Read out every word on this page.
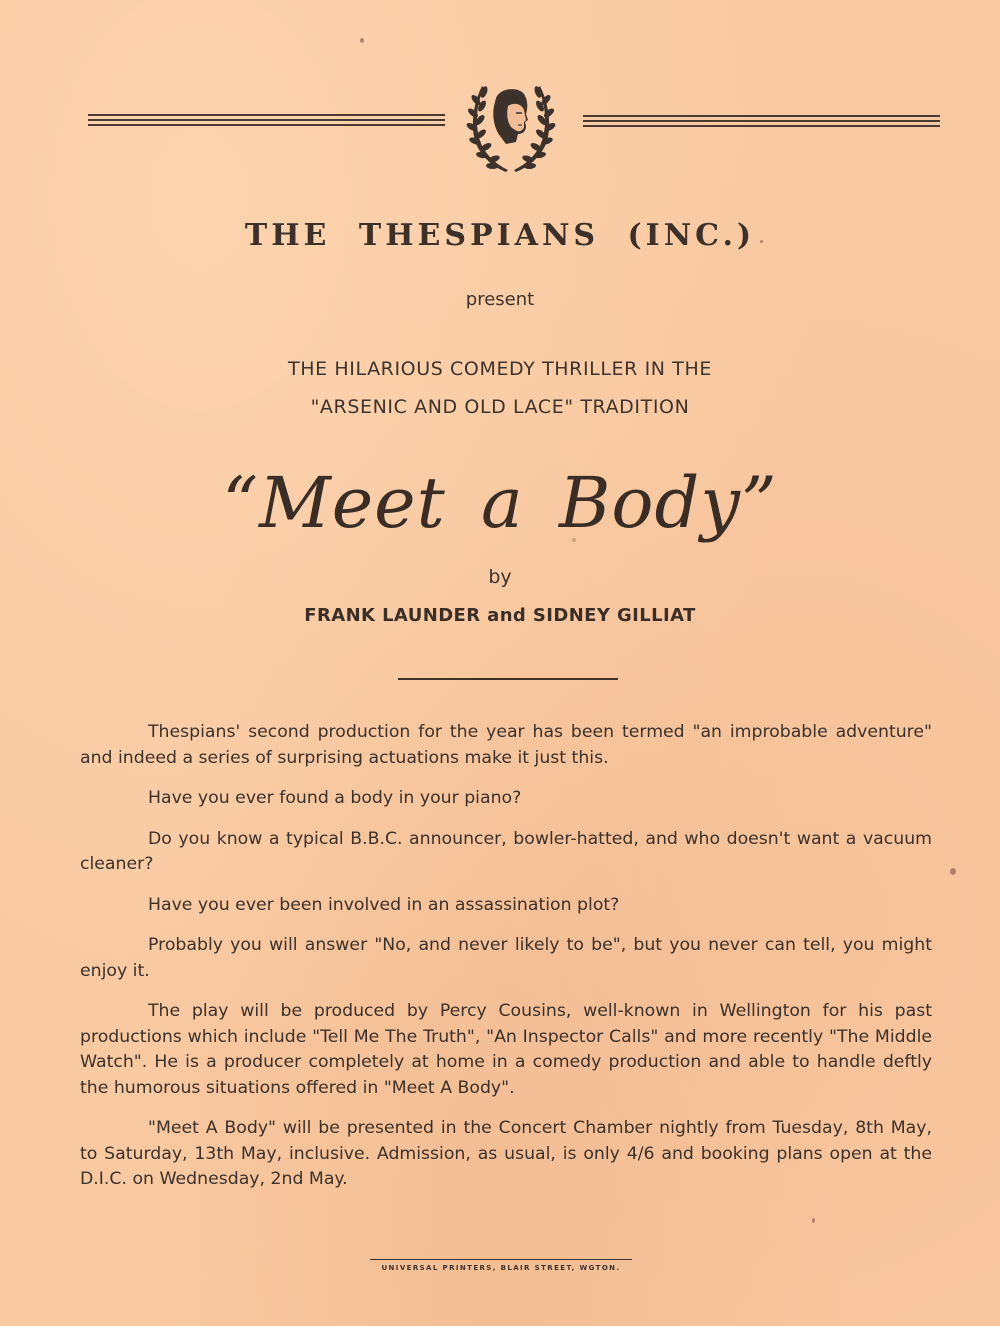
THE THESPIANS (INC.)
present
THE HILARIOUS COMEDY THRILLER IN THE
"ARSENIC AND OLD LACE" TRADITION
“Meet a Body”
by
FRANK LAUNDER and SIDNEY GILLIAT

Thespians' second production for the year has been termed "an improbable adventure" and indeed a series of surprising actuations make it just this.

Have you ever found a body in your piano?

Do you know a typical B.B.C. announcer, bowler-hatted, and who doesn't want a vacuum cleaner?

Have you ever been involved in an assassination plot?

Probably you will answer "No, and never likely to be", but you never can tell, you might enjoy it.

The play will be produced by Percy Cousins, well-known in Wellington for his past productions which include "Tell Me The Truth", "An Inspector Calls" and more recently "The Middle Watch". He is a producer completely at home in a comedy production and able to handle deftly the humorous situations offered in "Meet A Body".

"Meet A Body" will be presented in the Concert Chamber nightly from Tuesday, 8th May, to Saturday, 13th May, inclusive. Admission, as usual, is only 4/6 and booking plans open at the D.I.C. on Wednesday, 2nd May.

UNIVERSAL PRINTERS, BLAIR STREET, WGTON.
